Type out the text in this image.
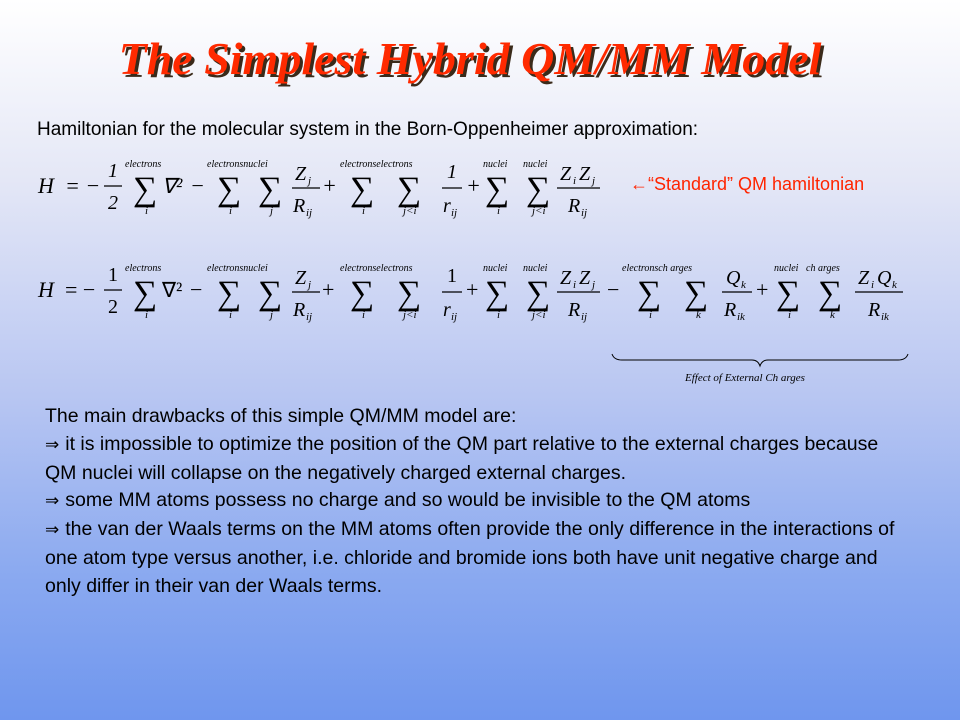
The Simplest Hybrid QM/MM Model
Hamiltonian for the molecular system in the Born-Oppenheimer approximation:
H = −
1
2
electrons
∑
i
∇² −
electronsnuclei
∑
i
∑
j
Z j
R ij
+
electronselectrons
∑
i
∑
j<i
1
r ij
+
nuclei
∑
i
nuclei
∑
j<i
Z i Z j
R ij
H = −
1
2
electrons
∑
i
∇² −
electronsnuclei
∑
i
∑
j
Z j
R ij
+
electronselectrons
∑
i
∑
j<i
1
r ij
+
nuclei
∑
i
nuclei
∑
j<i
Z i Z j
R ij
−
electronsch arges
∑
i
∑
k
Q k
R ik
+
nuclei ch arges
∑
i
∑
k
Z i Q k
R ik
Effect of External Ch arges
←“Standard” QM hamiltonian

The main drawbacks of this simple QM/MM model are:

⇒ it is impossible to optimize the position of the QM part relative to the external charges because QM nuclei will collapse on the negatively charged external charges.

⇒ some MM atoms possess no charge and so would be invisible to the QM atoms

⇒ the van der Waals terms on the MM atoms often provide the only difference in the interactions of one atom type versus another, i.e. chloride and bromide ions both have unit negative charge and only differ in their van der Waals terms.
